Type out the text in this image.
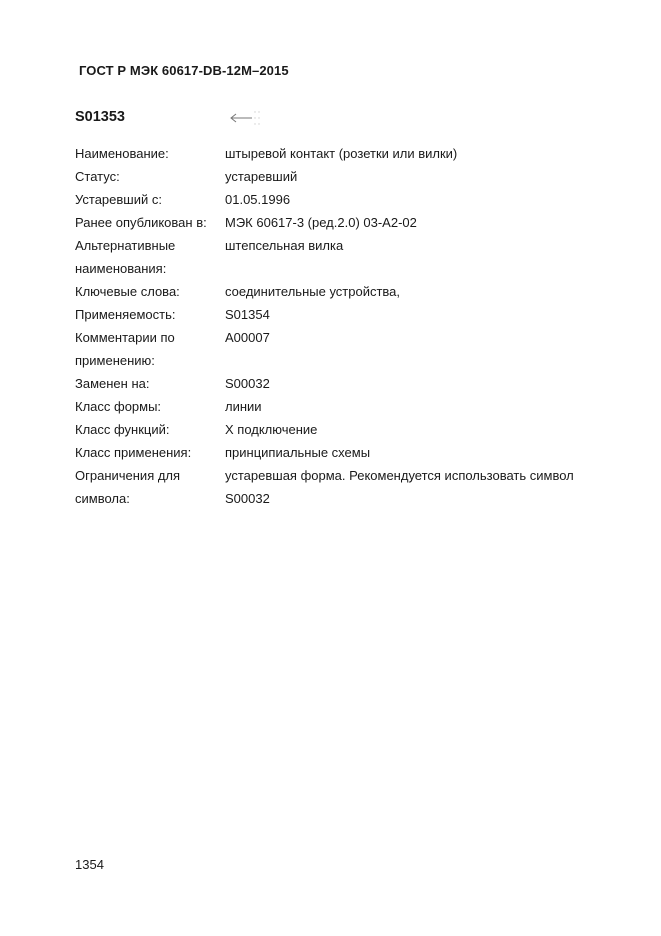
ГОСТ Р МЭК 60617-DB-12M–2015
S01353
Наименование:	штыревой контакт (розетки или вилки)
Статус:	устаревший
Устаревший с:	01.05.1996
Ранее опубликован в:	МЭК 60617-3 (ред.2.0) 03-A2-02
Альтернативные наименования:
штепсельная вилка
Ключевые слова:	соединительные устройства,
Применяемость:	S01354
Комментарии по применению:
A00007
Заменен на:	S00032
Класс формы:	линии
Класс функций:	X подключение
Класс применения:	принципиальные схемы
Ограничения для символа:
устаревшая форма. Рекомендуется использовать символ S00032
1354
